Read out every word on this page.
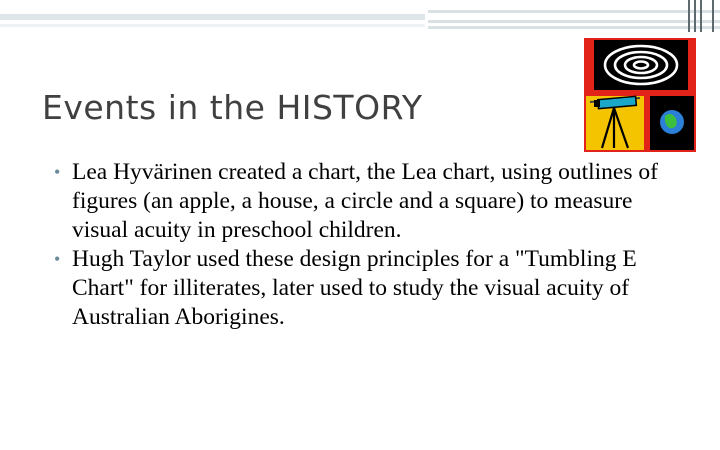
Events in the HISTORY
• Lea Hyvärinen created a chart, the Lea chart, using outlines of figures (an apple, a house, a circle and a square) to measure visual acuity in preschool children.
• Hugh Taylor used these design principles for a "Tumbling E Chart" for illiterates, later used to study the visual acuity of Australian Aborigines.
